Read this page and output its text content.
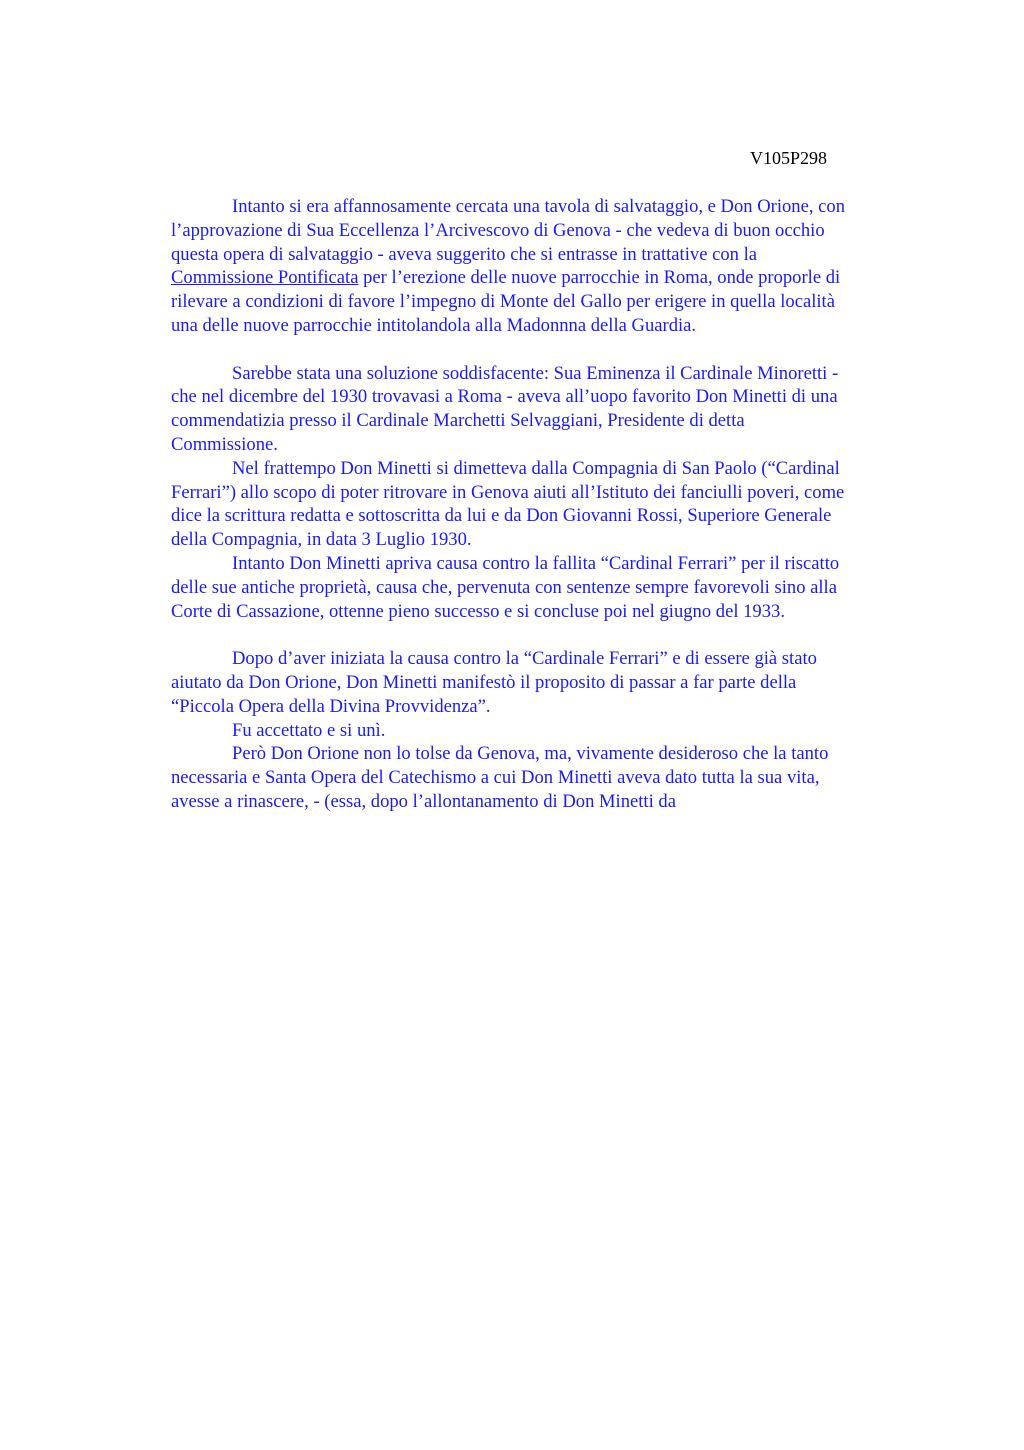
V105P298
Intanto si era affannosamente cercata una tavola di salvataggio, e Don Orione, con
l’approvazione di Sua Eccellenza l’Arcivescovo di Genova - che vedeva di buon occhio
questa opera di salvataggio - aveva suggerito che si entrasse in trattative con la
Commissione Pontificata per l’erezione delle nuove parrocchie in Roma, onde proporle di
rilevare a condizioni di favore l’impegno di Monte del Gallo per erigere in quella località
una delle nuove parrocchie intitolandola alla Madonnna della Guardia.
Sarebbe stata una soluzione soddisfacente: Sua Eminenza il Cardinale Minoretti -
che nel dicembre del 1930 trovavasi a Roma - aveva all’uopo favorito Don Minetti di una
commendatizia presso il Cardinale Marchetti Selvaggiani, Presidente di detta
Commissione.
Nel frattempo Don Minetti si dimetteva dalla Compagnia di San Paolo (“Cardinal
Ferrari”) allo scopo di poter ritrovare in Genova aiuti all’Istituto dei fanciulli poveri, come
dice la scrittura redatta e sottoscritta da lui e da Don Giovanni Rossi, Superiore Generale
della Compagnia, in data 3 Luglio 1930.
Intanto Don Minetti apriva causa contro la fallita “Cardinal Ferrari” per il riscatto
delle sue antiche proprietà, causa che, pervenuta con sentenze sempre favorevoli sino alla
Corte di Cassazione, ottenne pieno successo e si concluse poi nel giugno del 1933.
Dopo d’aver iniziata la causa contro la “Cardinale Ferrari” e di essere già stato
aiutato da Don Orione, Don Minetti manifestò il proposito di passar a far parte della
“Piccola Opera della Divina Provvidenza”.
Fu accettato e si unì.
Però Don Orione non lo tolse da Genova, ma, vivamente desideroso che la tanto
necessaria e Santa Opera del Catechismo a cui Don Minetti aveva dato tutta la sua vita,
avesse a rinascere, - (essa, dopo l’allontanamento di Don Minetti da
